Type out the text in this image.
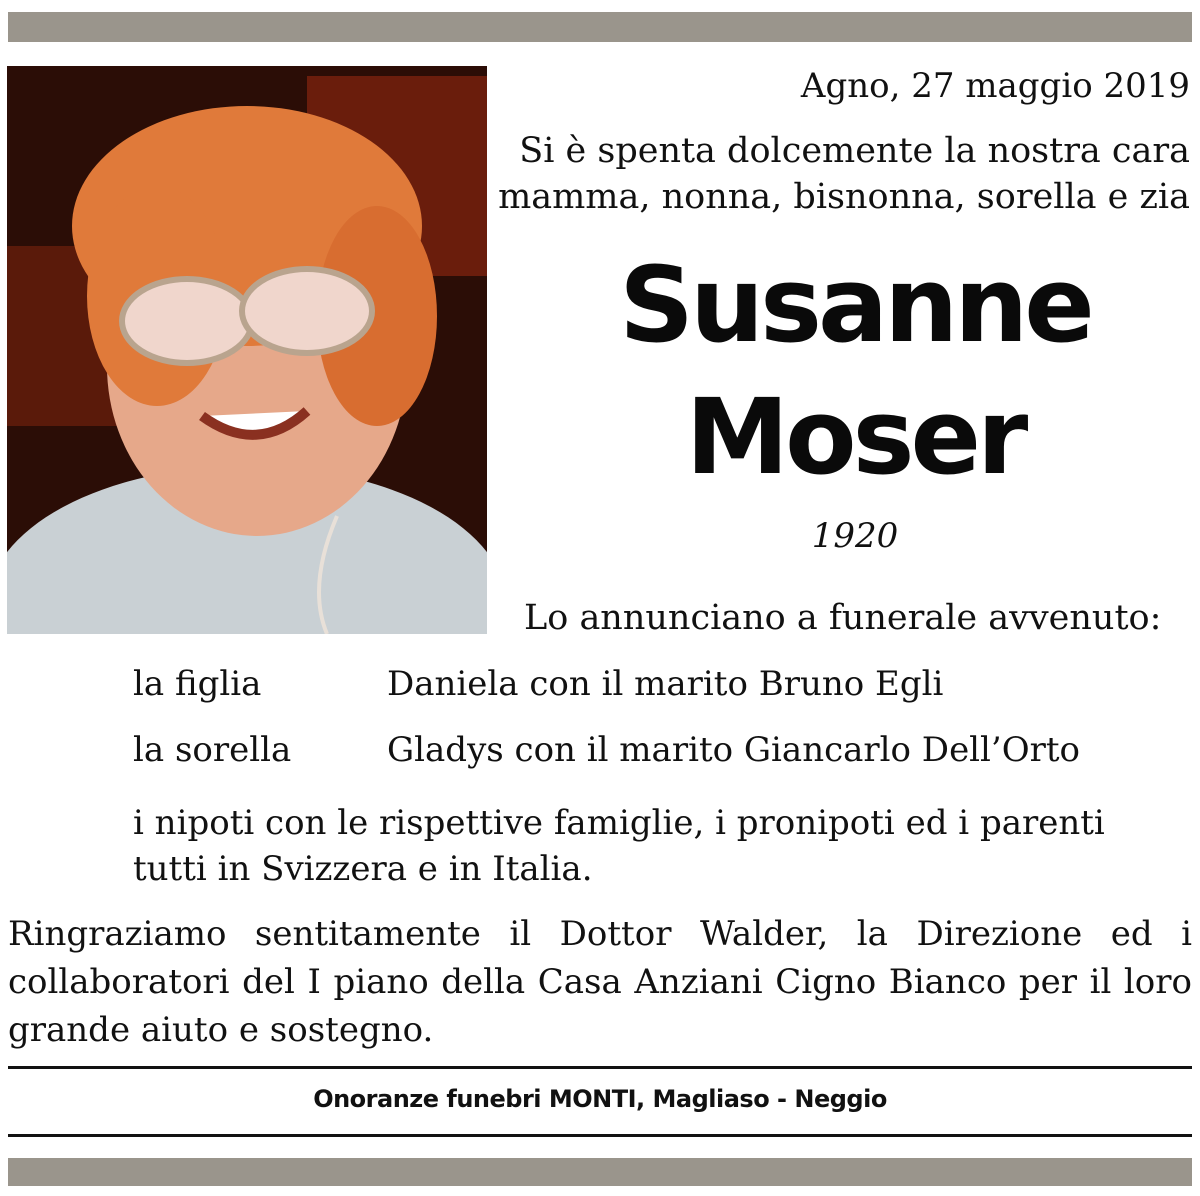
Agno, 27 maggio 2019
Si è spenta dolcemente la nostra cara
mamma, nonna, bisnonna, sorella e zia
Susanne
Moser
1920
Lo annunciano a funerale avvenuto:
la figlia	Daniela con il marito Bruno Egli
la sorella	Gladys con il marito Giancarlo Dell’Orto
i nipoti con le rispettive famiglie, i pronipoti ed i parenti tutti in Svizzera e in Italia.
Ringraziamo sentitamente il Dottor Walder, la Direzione ed i collaboratori del I piano della Casa Anziani Cigno Bianco per il loro grande aiuto e sostegno.
Onoranze funebri MONTI, Magliaso - Neggio
